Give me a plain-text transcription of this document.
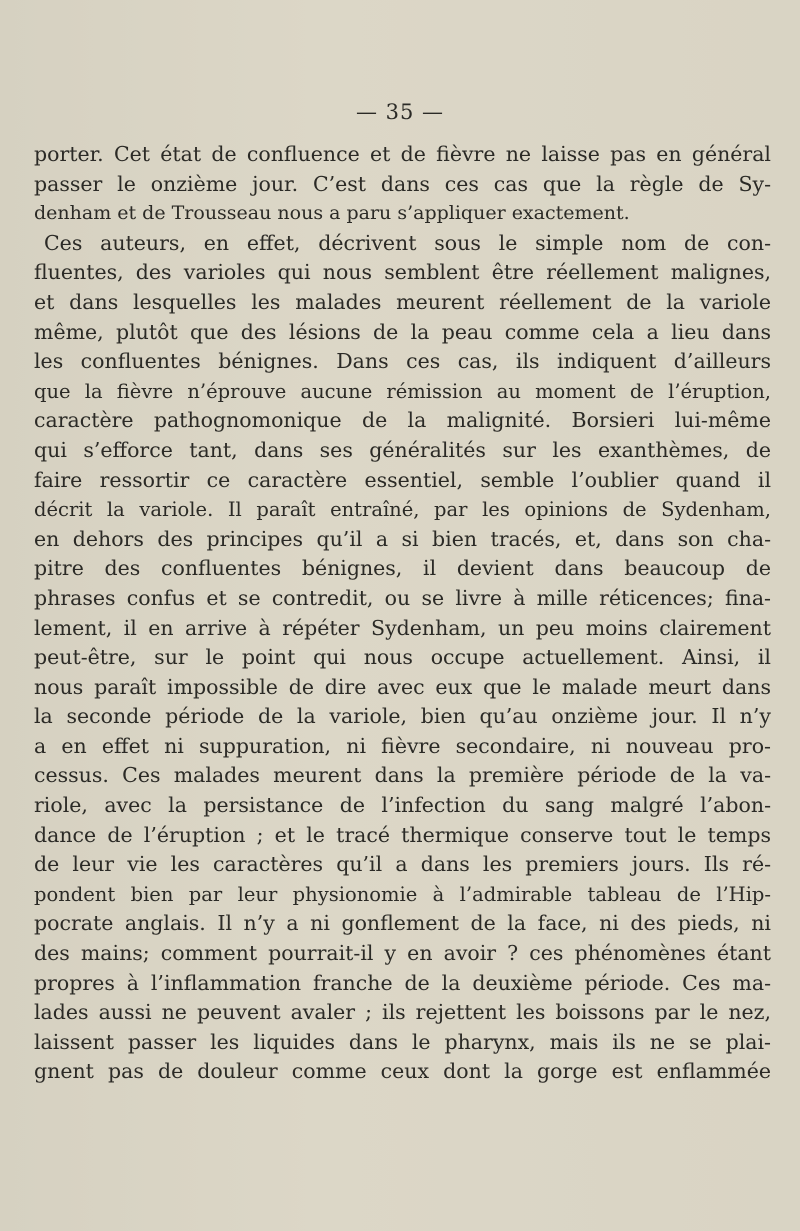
— 35 —
porter. Cet état de confluence et de fièvre ne laisse pas en général
passer le onzième jour. C’est dans ces cas que la règle de Sy-
denham et de Trousseau nous a paru s’appliquer exactement.
Ces auteurs, en effet, décrivent sous le simple nom de con-
fluentes, des varioles qui nous semblent être réellement malignes,
et dans lesquelles les malades meurent réellement de la variole
même, plutôt que des lésions de la peau comme cela a lieu dans
les confluentes bénignes. Dans ces cas, ils indiquent d’ailleurs
que la fièvre n’éprouve aucune rémission au moment de l’éruption,
caractère pathognomonique de la malignité. Borsieri lui-même
qui s’efforce tant, dans ses généralités sur les exanthèmes, de
faire ressortir ce caractère essentiel, semble l’oublier quand il
décrit la variole. Il paraît entraîné, par les opinions de Sydenham,
en dehors des principes qu’il a si bien tracés, et, dans son cha-
pitre des confluentes bénignes, il devient dans beaucoup de
phrases confus et se contredit, ou se livre à mille réticences; fina-
lement, il en arrive à répéter Sydenham, un peu moins clairement
peut-être, sur le point qui nous occupe actuellement. Ainsi, il
nous paraît impossible de dire avec eux que le malade meurt dans
la seconde période de la variole, bien qu’au onzième jour. Il n’y
a en effet ni suppuration, ni fièvre secondaire, ni nouveau pro-
cessus. Ces malades meurent dans la première période de la va-
riole, avec la persistance de l’infection du sang malgré l’abon-
dance de l’éruption ; et le tracé thermique conserve tout le temps
de leur vie les caractères qu’il a dans les premiers jours. Ils ré-
pondent bien par leur physionomie à l’admirable tableau de l’Hip-
pocrate anglais. Il n’y a ni gonflement de la face, ni des pieds, ni
des mains; comment pourrait-il y en avoir ? ces phénomènes étant
propres à l’inflammation franche de la deuxième période. Ces ma-
lades aussi ne peuvent avaler ; ils rejettent les boissons par le nez,
laissent passer les liquides dans le pharynx, mais ils ne se plai-
gnent pas de douleur comme ceux dont la gorge est enflammée
